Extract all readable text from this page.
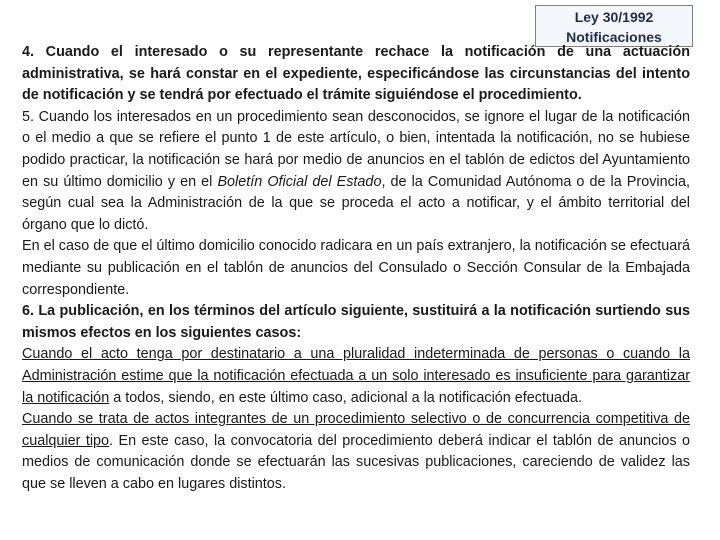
Ley 30/1992
Notificaciones

4. Cuando el interesado o su representante rechace la notificación de una actuación administrativa, se hará constar en el expediente, especificándose las circunstancias del intento de notificación y se tendrá por efectuado el trámite siguiéndose el procedimiento.

5. Cuando los interesados en un procedimiento sean desconocidos, se ignore el lugar de la notificación o el medio a que se refiere el punto 1 de este artículo, o bien, intentada la notificación, no se hubiese podido practicar, la notificación se hará por medio de anuncios en el tablón de edictos del Ayuntamiento en su último domicilio y en el Boletín Oficial del Estado, de la Comunidad Autónoma o de la Provincia, según cual sea la Administración de la que se proceda el acto a notificar, y el ámbito territorial del órgano que lo dictó.

En el caso de que el último domicilio conocido radicara en un país extranjero, la notificación se efectuará mediante su publicación en el tablón de anuncios del Consulado o Sección Consular de la Embajada correspondiente.

6. La publicación, en los términos del artículo siguiente, sustituirá a la notificación surtiendo sus mismos efectos en los siguientes casos:

Cuando el acto tenga por destinatario a una pluralidad indeterminada de personas o cuando la Administración estime que la notificación efectuada a un solo interesado es insuficiente para garantizar la notificación a todos, siendo, en este último caso, adicional a la notificación efectuada.

Cuando se trata de actos integrantes de un procedimiento selectivo o de concurrencia competitiva de cualquier tipo. En este caso, la convocatoria del procedimiento deberá indicar el tablón de anuncios o medios de comunicación donde se efectuarán las sucesivas publicaciones, careciendo de validez las que se lleven a cabo en lugares distintos.
